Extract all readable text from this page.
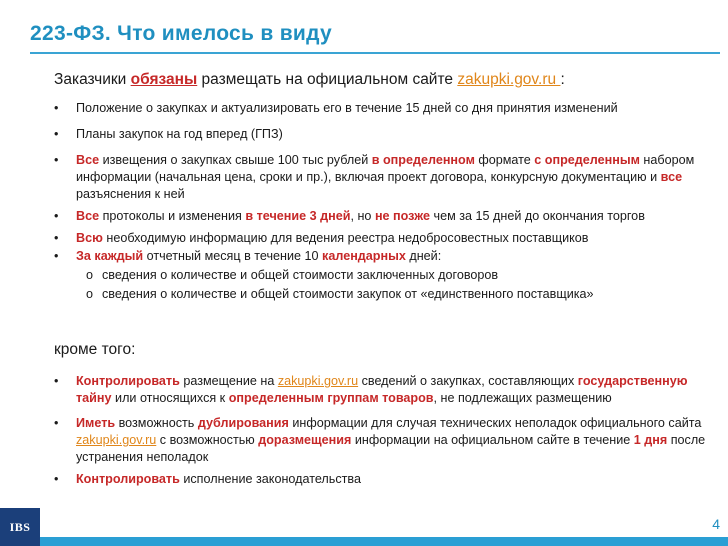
223-ФЗ. Что имелось в виду
Заказчики обязаны размещать на официальном сайте zakupki.gov.ru :
• Положение о закупках и актуализировать его в течение 15 дней со дня принятия изменений
• Планы закупок на год вперед (ГПЗ)
• Все извещения о закупках свыше 100 тыс рублей в определенном формате с определенным набором информации (начальная цена, сроки и пр.), включая проект договора, конкурсную документацию и все разъяснения к ней
• Все протоколы и изменения в течение 3 дней, но не позже чем за 15 дней до окончания торгов
• Всю необходимую информацию для ведения реестра недобросовестных поставщиков
• За каждый отчетный месяц в течение 10 календарных дней:
o сведения о количестве и общей стоимости заключенных договоров
o сведения о количестве и общей стоимости закупок от «единственного поставщика»
кроме того:
• Контролировать размещение на zakupki.gov.ru сведений о закупках, составляющих государственную тайну или относящихся к определенным группам товаров, не подлежащих размещению
• Иметь возможность дублирования информации для случая технических неполадок официального сайта zakupki.gov.ru с возможностью доразмещения информации на официальном сайте в течение 1 дня после устранения неполадок
• Контролировать исполнение законодательства
IBS	4
